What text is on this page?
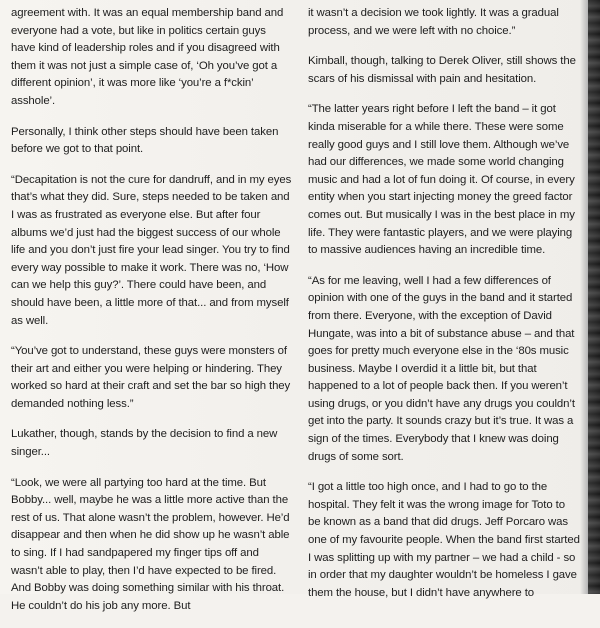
agreement with. It was an equal membership band and everyone had a vote, but like in politics certain guys have kind of leadership roles and if you disagreed with them it was not just a simple case of, ‘Oh you’ve got a different opinion’, it was more like ‘you’re a f*ckin’ asshole’.

Personally, I think other steps should have been taken before we got to that point.

“Decapitation is not the cure for dandruff, and in my eyes that’s what they did. Sure, steps needed to be taken and I was as frustrated as everyone else. But after four albums we’d just had the biggest success of our whole life and you don’t just fire your lead singer. You try to find every way possible to make it work. There was no, ‘How can we help this guy?’. There could have been, and should have been, a little more of that... and from myself as well.

“You’ve got to understand, these guys were monsters of their art and either you were helping or hindering. They worked so hard at their craft and set the bar so high they demanded nothing less.”

Lukather, though, stands by the decision to find a new singer...

“Look, we were all partying too hard at the time. But Bobby... well, maybe he was a little more active than the rest of us. That alone wasn’t the problem, however. He’d disappear and then when he did show up he wasn’t able to sing. If I had sandpapered my finger tips off and wasn’t able to play, then I’d have expected to be fired. And Bobby was doing something similar with his throat. He couldn’t do his job any more. But

it wasn’t a decision we took lightly. It was a gradual process, and we were left with no choice.”

Kimball, though, talking to Derek Oliver, still shows the scars of his dismissal with pain and hesitation.

“The latter years right before I left the band – it got kinda miserable for a while there. These were some really good guys and I still love them. Although we’ve had our differences, we made some world changing music and had a lot of fun doing it. Of course, in every entity when you start injecting money the greed factor comes out. But musically I was in the best place in my life. They were fantastic players, and we were playing to massive audiences having an incredible time.

“As for me leaving, well I had a few differences of opinion with one of the guys in the band and it started from there. Everyone, with the exception of David Hungate, was into a bit of substance abuse – and that goes for pretty much everyone else in the ‘80s music business. Maybe I overdid it a little bit, but that happened to a lot of people back then. If you weren’t using drugs, or you didn’t have any drugs you couldn’t get into the party. It sounds crazy but it’s true. It was a sign of the times. Everybody that I knew was doing drugs of some sort.

“I got a little too high once, and I had to go to the hospital. They felt it was the wrong image for Toto to be known as a band that did drugs. Jeff Porcaro was one of my favourite people. When the band first started I was splitting up with my partner – we had a child - so in order that my daughter wouldn’t be homeless I gave them the house, but I didn’t have anywhere to
